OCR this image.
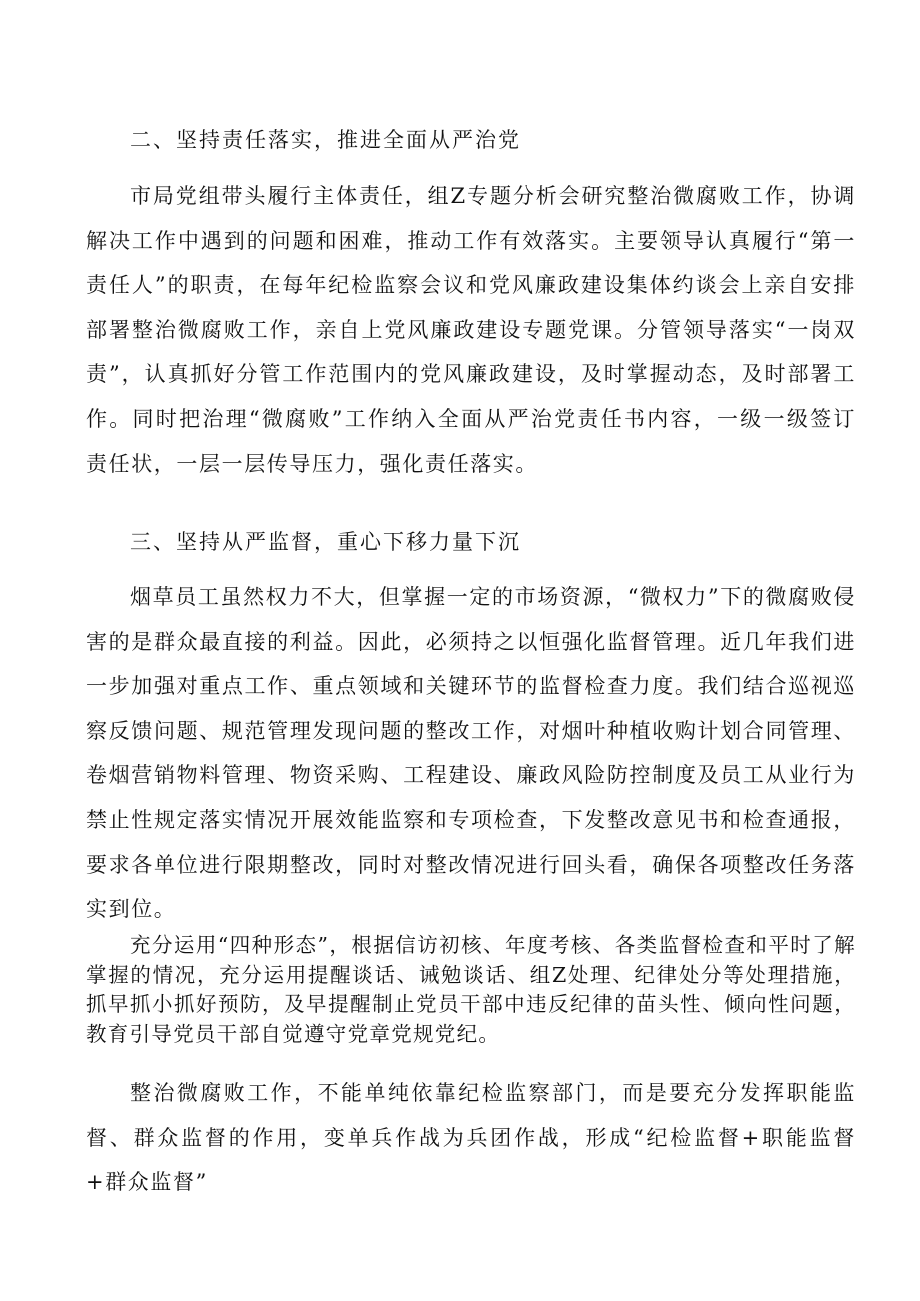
二、坚持责任落实，推进全面从严治党

市局党组带头履行主体责任，组Z专题分析会研究整治微腐败工作，协调解决工作中遇到的问题和困难，推动工作有效落实。主要领导认真履行“第一责任人”的职责，在每年纪检监察会议和党风廉政建设集体约谈会上亲自安排部署整治微腐败工作，亲自上党风廉政建设专题党课。分管领导落实“一岗双责”，认真抓好分管工作范围内的党风廉政建设，及时掌握动态，及时部署工作。同时把治理“微腐败”工作纳入全面从严治党责任书内容，一级一级签订责任状，一层一层传导压力，强化责任落实。

三、坚持从严监督，重心下移力量下沉

烟草员工虽然权力不大，但掌握一定的市场资源，“微权力”下的微腐败侵害的是群众最直接的利益。因此，必须持之以恒强化监督管理。近几年我们进一步加强对重点工作、重点领域和关键环节的监督检查力度。我们结合巡视巡察反馈问题、规范管理发现问题的整改工作，对烟叶种植收购计划合同管理、卷烟营销物料管理、物资采购、工程建设、廉政风险防控制度及员工从业行为禁止性规定落实情况开展效能监察和专项检查，下发整改意见书和检查通报，要求各单位进行限期整改，同时对整改情况进行回头看，确保各项整改任务落实到位。

充分运用“四种形态”，根据信访初核、年度考核、各类监督检查和平时了解掌握的情况，充分运用提醒谈话、诫勉谈话、组Z处理、纪律处分等处理措施，抓早抓小抓好预防，及早提醒制止党员干部中违反纪律的苗头性、倾向性问题，教育引导党员干部自觉遵守党章党规党纪。

整治微腐败工作，不能单纯依靠纪检监察部门，而是要充分发挥职能监督、群众监督的作用，变单兵作战为兵团作战，形成“纪检监督+职能监督+群众监督”
